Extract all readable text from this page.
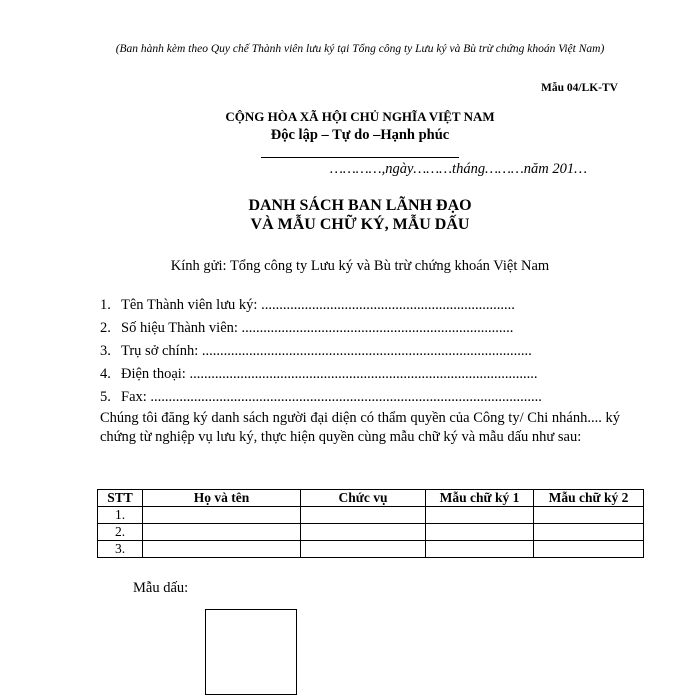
(Ban hành kèm theo Quy chế Thành viên lưu ký tại Tổng công ty Lưu ký và Bù trừ chứng khoán Việt Nam)
Mẫu 04/LK-TV
CỘNG HÒA XÃ HỘI CHỦ NGHĨA VIỆT NAM
Độc lập – Tự do –Hạnh phúc
…………,ngày………tháng………năm 201…
DANH SÁCH BAN LÃNH ĐẠO
VÀ MẪU CHỮ KÝ, MẪU DẤU
Kính gửi: Tổng công ty Lưu ký và Bù trừ chứng khoán Việt Nam
1. Tên Thành viên lưu ký: ......................................................................
2. Số hiệu Thành viên: ...........................................................................
3. Trụ sở chính: ...........................................................................................
4. Điện thoại: ................................................................................................
5. Fax: ............................................................................................................
Chúng tôi đăng ký danh sách người đại diện có thẩm quyền của Công ty/ Chi nhánh.... ký chứng từ nghiệp vụ lưu ký, thực hiện quyền cùng mẫu chữ ký và mẫu dấu như sau:
STT	Họ và tên	Chức vụ	Mẫu chữ ký 1	Mẫu chữ ký 2
1.				
2.				
3.				
Mẫu dấu:
